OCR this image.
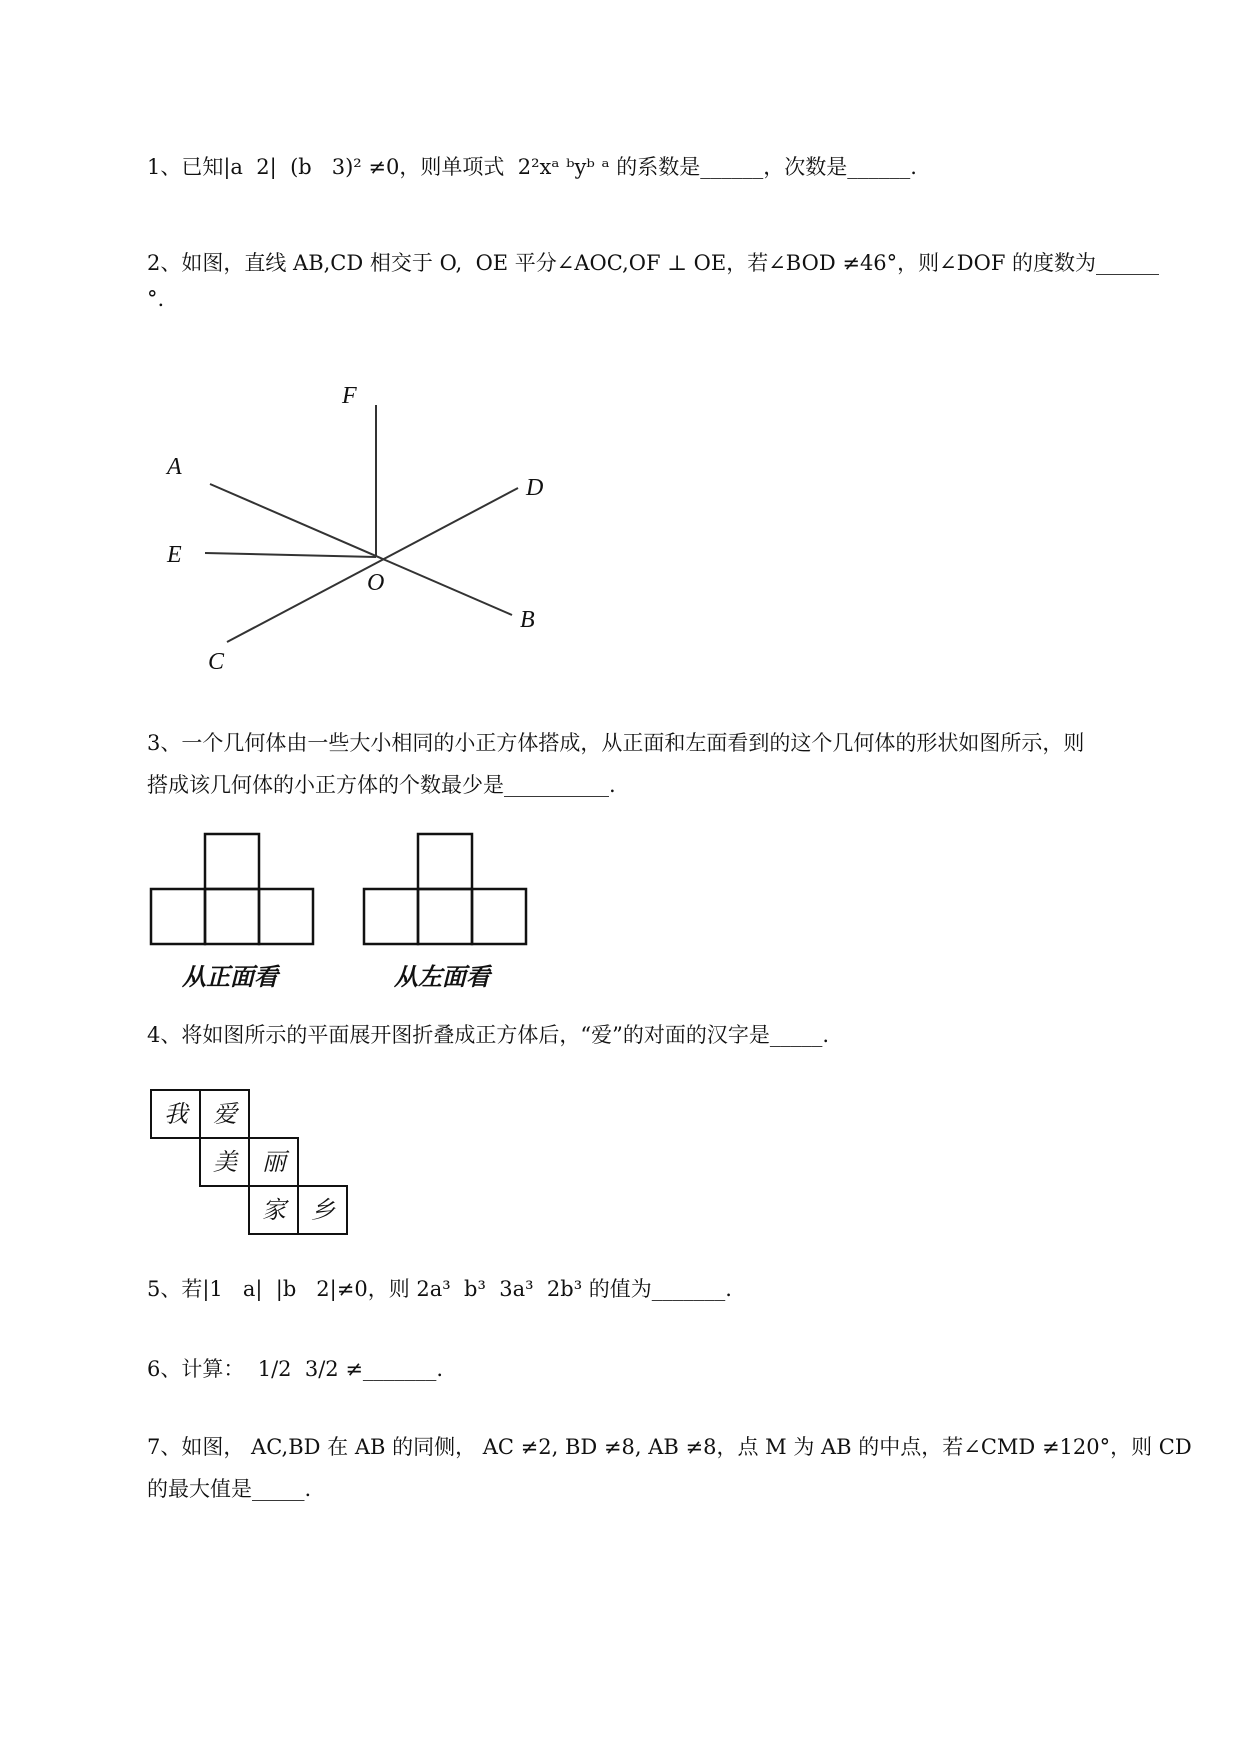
1、已知|a  2|  (b   3)² ≠0，则单项式  2²xᵃ ᵇyᵇ ᵃ 的系数是______，次数是______.
2、如图，直线 AB,CD 相交于 O,  OE 平分∠AOC,OF ⊥ OE，若∠BOD ≠46°，则∠DOF 的度数为______
°.
F
A
D
E
O
B
C
3、一个几何体由一些大小相同的小正方体搭成，从正面和左面看到的这个几何体的形状如图所示，则
搭成该几何体的小正方体的个数最少是__________.
从正面看	从左面看
4、将如图所示的平面展开图折叠成正方体后，“爱”的对面的汉字是_____.
我 爱
美 丽
家 乡
5、若|1   a|  |b   2|≠0，则 2a³  b³  3a³  2b³ 的值为_______.
6、计算：  1/2  3/2 ≠_______.
7、如图， AC,BD 在 AB 的同侧， AC ≠2, BD ≠8, AB ≠8，点 M 为 AB 的中点，若∠CMD ≠120°，则 CD
的最大值是_____.
